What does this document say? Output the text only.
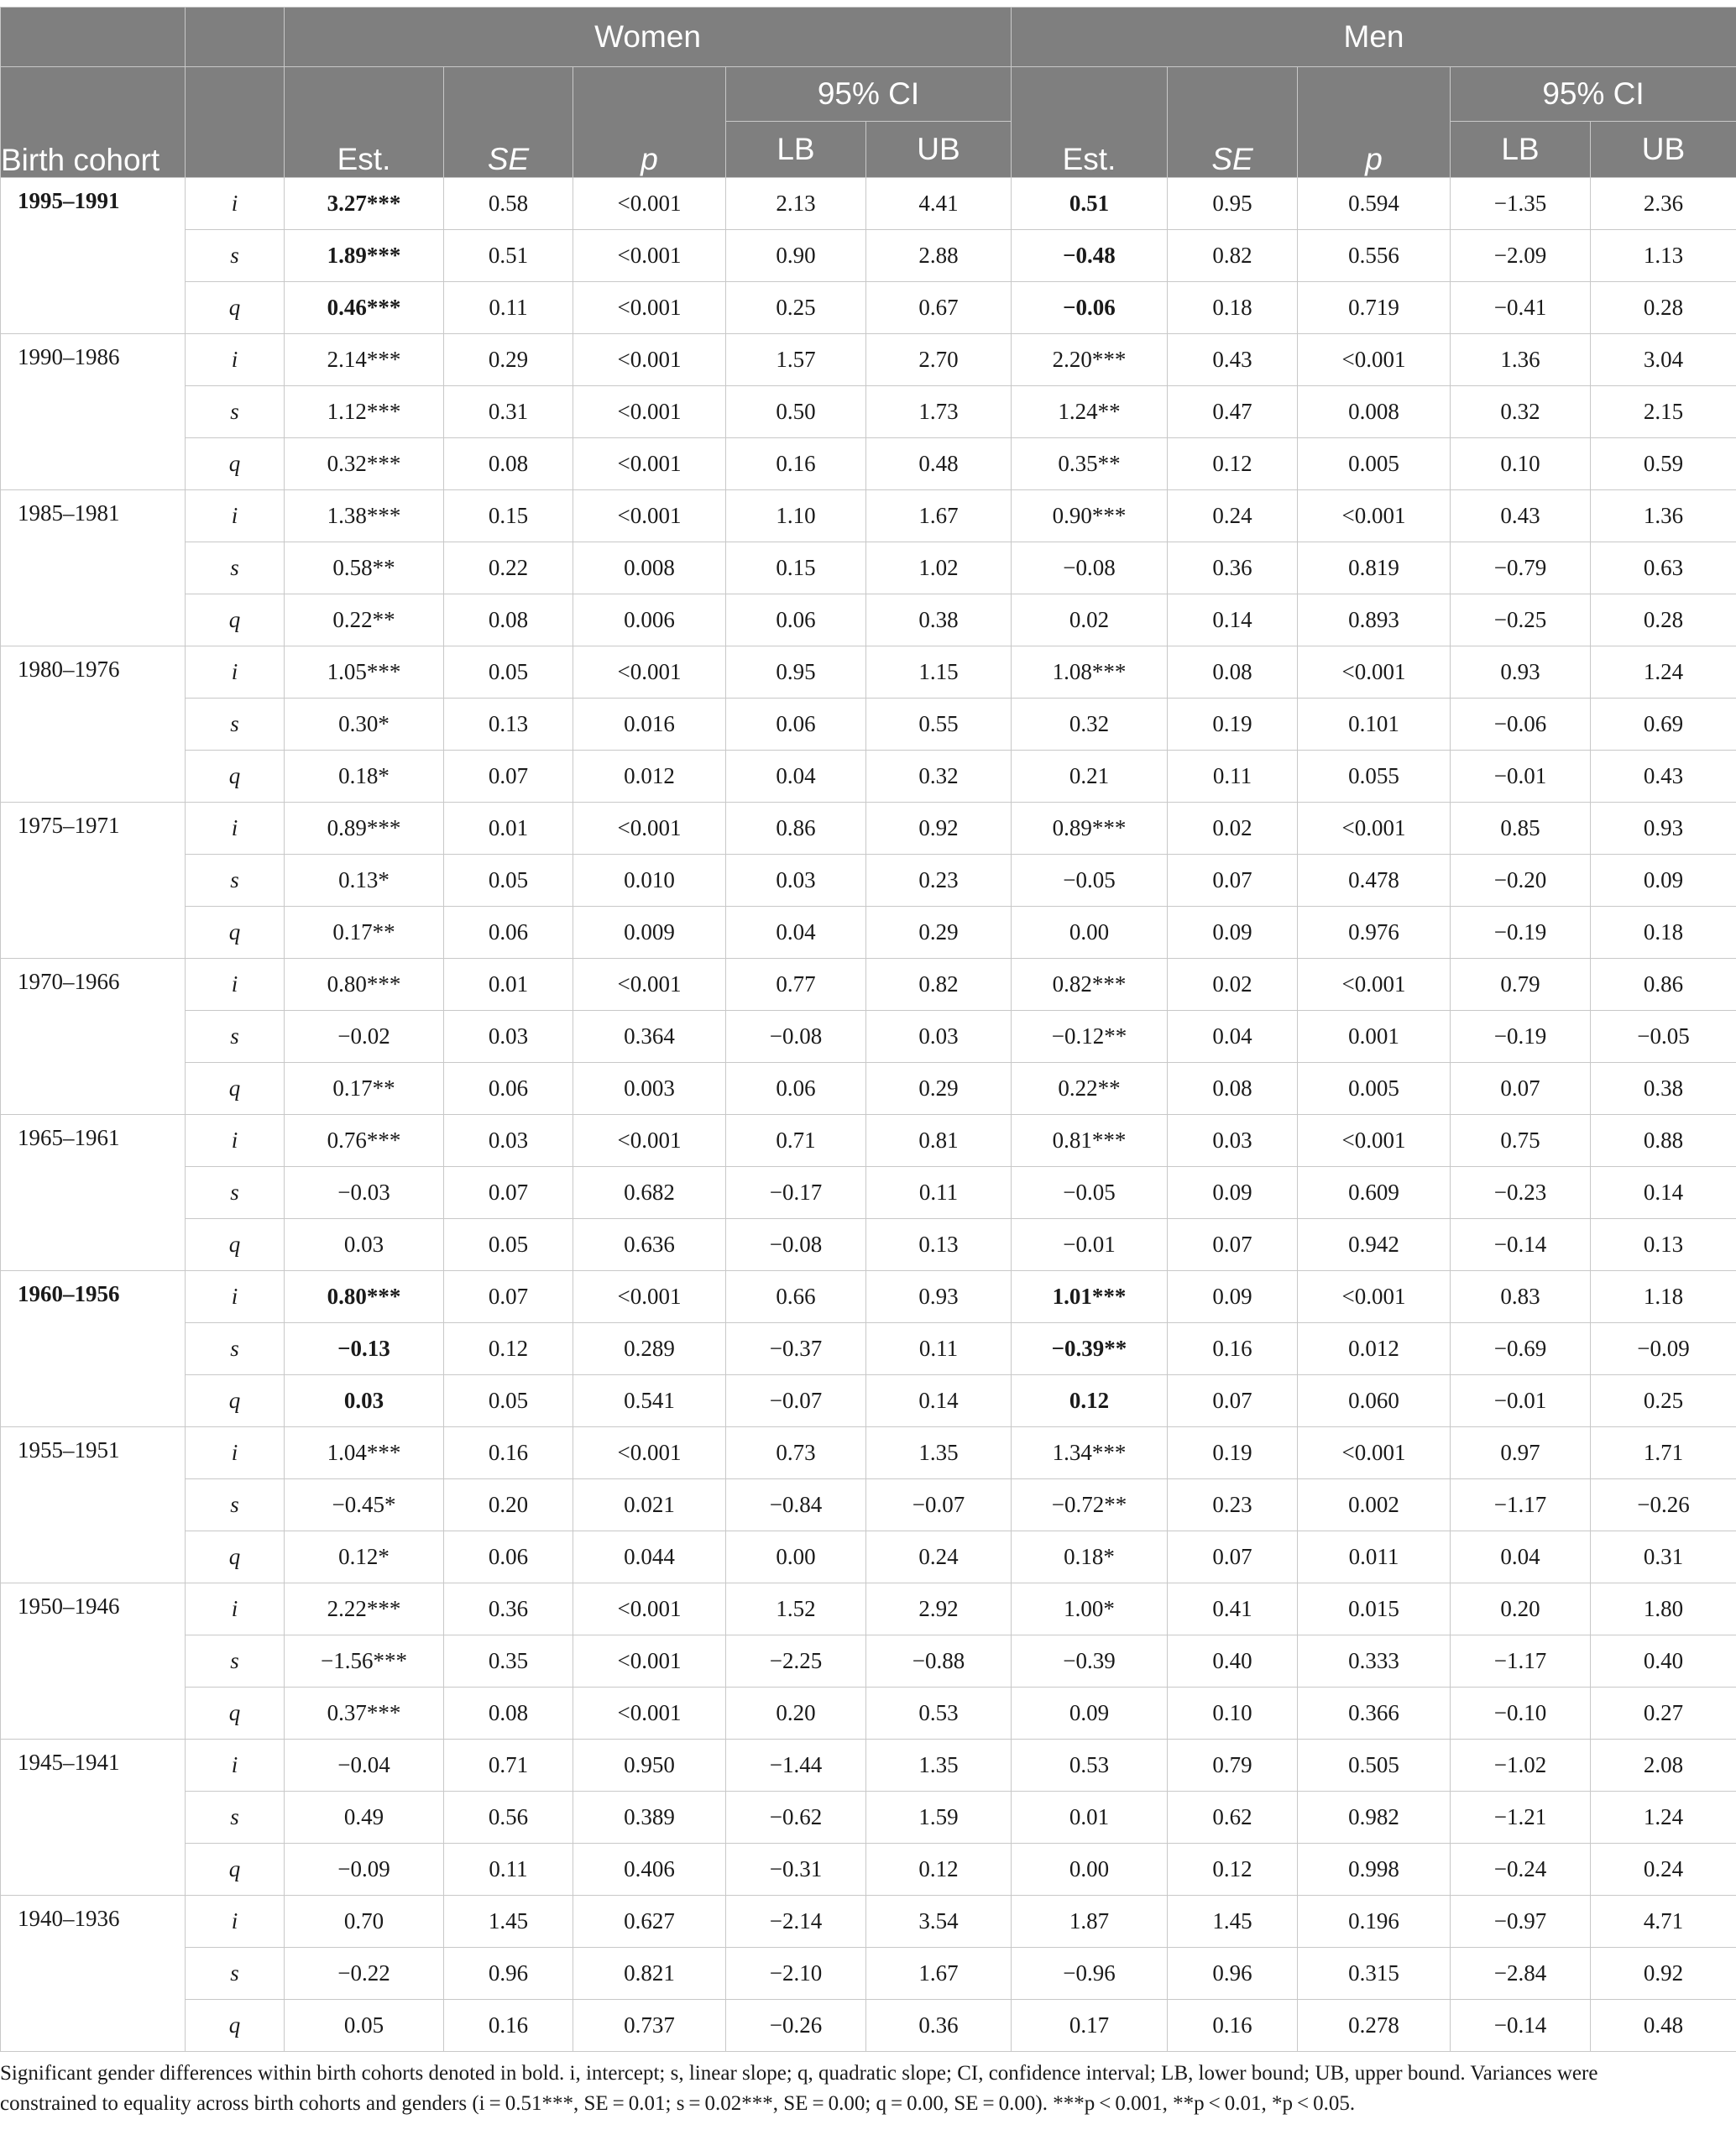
		Women					Men				
Birth cohort		Est.	SE	p	95% CI		Est.	SE	p	95% CI	
					LB	UB				LB	UB
1995–1991	i	3.27***	0.58	<0.001	2.13	4.41	0.51	0.95	0.594	−1.35	2.36
	s	1.89***	0.51	<0.001	0.90	2.88	−0.48	0.82	0.556	−2.09	1.13
	q	0.46***	0.11	<0.001	0.25	0.67	−0.06	0.18	0.719	−0.41	0.28
1990–1986	i	2.14***	0.29	<0.001	1.57	2.70	2.20***	0.43	<0.001	1.36	3.04
	s	1.12***	0.31	<0.001	0.50	1.73	1.24**	0.47	0.008	0.32	2.15
	q	0.32***	0.08	<0.001	0.16	0.48	0.35**	0.12	0.005	0.10	0.59
1985–1981	i	1.38***	0.15	<0.001	1.10	1.67	0.90***	0.24	<0.001	0.43	1.36
	s	0.58**	0.22	0.008	0.15	1.02	−0.08	0.36	0.819	−0.79	0.63
	q	0.22**	0.08	0.006	0.06	0.38	0.02	0.14	0.893	−0.25	0.28
1980–1976	i	1.05***	0.05	<0.001	0.95	1.15	1.08***	0.08	<0.001	0.93	1.24
	s	0.30*	0.13	0.016	0.06	0.55	0.32	0.19	0.101	−0.06	0.69
	q	0.18*	0.07	0.012	0.04	0.32	0.21	0.11	0.055	−0.01	0.43
1975–1971	i	0.89***	0.01	<0.001	0.86	0.92	0.89***	0.02	<0.001	0.85	0.93
	s	0.13*	0.05	0.010	0.03	0.23	−0.05	0.07	0.478	−0.20	0.09
	q	0.17**	0.06	0.009	0.04	0.29	0.00	0.09	0.976	−0.19	0.18
1970–1966	i	0.80***	0.01	<0.001	0.77	0.82	0.82***	0.02	<0.001	0.79	0.86
	s	−0.02	0.03	0.364	−0.08	0.03	−0.12**	0.04	0.001	−0.19	−0.05
	q	0.17**	0.06	0.003	0.06	0.29	0.22**	0.08	0.005	0.07	0.38
1965–1961	i	0.76***	0.03	<0.001	0.71	0.81	0.81***	0.03	<0.001	0.75	0.88
	s	−0.03	0.07	0.682	−0.17	0.11	−0.05	0.09	0.609	−0.23	0.14
	q	0.03	0.05	0.636	−0.08	0.13	−0.01	0.07	0.942	−0.14	0.13
1960–1956	i	0.80***	0.07	<0.001	0.66	0.93	1.01***	0.09	<0.001	0.83	1.18
	s	−0.13	0.12	0.289	−0.37	0.11	−0.39**	0.16	0.012	−0.69	−0.09
	q	0.03	0.05	0.541	−0.07	0.14	0.12	0.07	0.060	−0.01	0.25
1955–1951	i	1.04***	0.16	<0.001	0.73	1.35	1.34***	0.19	<0.001	0.97	1.71
	s	−0.45*	0.20	0.021	−0.84	−0.07	−0.72**	0.23	0.002	−1.17	−0.26
	q	0.12*	0.06	0.044	0.00	0.24	0.18*	0.07	0.011	0.04	0.31
1950–1946	i	2.22***	0.36	<0.001	1.52	2.92	1.00*	0.41	0.015	0.20	1.80
	s	−1.56***	0.35	<0.001	−2.25	−0.88	−0.39	0.40	0.333	−1.17	0.40
	q	0.37***	0.08	<0.001	0.20	0.53	0.09	0.10	0.366	−0.10	0.27
1945–1941	i	−0.04	0.71	0.950	−1.44	1.35	0.53	0.79	0.505	−1.02	2.08
	s	0.49	0.56	0.389	−0.62	1.59	0.01	0.62	0.982	−1.21	1.24
	q	−0.09	0.11	0.406	−0.31	0.12	0.00	0.12	0.998	−0.24	0.24
1940–1936	i	0.70	1.45	0.627	−2.14	3.54	1.87	1.45	0.196	−0.97	4.71
	s	−0.22	0.96	0.821	−2.10	1.67	−0.96	0.96	0.315	−2.84	0.92
	q	0.05	0.16	0.737	−0.26	0.36	0.17	0.16	0.278	−0.14	0.48
Significant gender differences within birth cohorts denoted in bold. i, intercept; s, linear slope; q, quadratic slope; CI, confidence interval; LB, lower bound; UB, upper bound. Variances were
constrained to equality across birth cohorts and genders (i = 0.51***, SE = 0.01; s = 0.02***, SE = 0.00; q = 0.00, SE = 0.00). ***p < 0.001, **p < 0.01, *p < 0.05.
